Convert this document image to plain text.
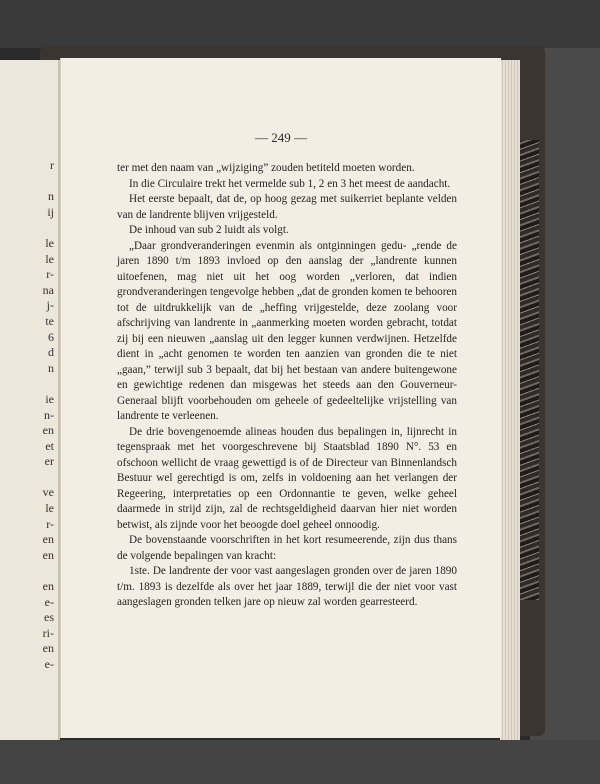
r
n
ij
le
le
r-
na
j-
te
6
d
n
ie
n-
en
et
er
ve
le
r-
en
en
en
e-
es
ri-
en
e-
— 249 —

ter met den naam van „wijziging” zouden betiteld moeten worden.

In die Circulaire trekt het vermelde sub 1, 2 en 3 het meest de aandacht.

Het eerste bepaalt, dat de, op hoog gezag met suikerriet beplante velden van de landrente blijven vrijgesteld.

De inhoud van sub 2 luidt als volgt.

„Daar grondveranderingen evenmin als ontginningen gedu- „rende de jaren 1890 t/m 1893 invloed op den aanslag der „landrente kunnen uitoefenen, mag niet uit het oog worden „verloren, dat indien grondveranderingen tengevolge hebben „dat de gronden komen te behooren tot de uitdrukkelijk van de „heffing vrijgestelde, deze zoolang voor afschrijving van landrente in „aanmerking moeten worden gebracht, totdat zij bij een nieuwen „aanslag uit den legger kunnen verdwijnen. Hetzelfde dient in „acht genomen te worden ten aanzien van gronden die te niet „gaan,” terwijl sub 3 bepaalt, dat bij het bestaan van andere buitengewone en gewichtige redenen dan misgewas het steeds aan den Gouverneur-Generaal blijft voorbehouden om geheele of gedeeltelijke vrijstelling van landrente te verleenen.

De drie bovengenoemde alineas houden dus bepalingen in, lijnrecht in tegenspraak met het voorgeschrevene bij Staatsblad 1890 N°. 53 en ofschoon wellicht de vraag gewettigd is of de Directeur van Binnenlandsch Bestuur wel gerechtigd is om, zelfs in voldoening aan het verlangen der Regeering, interpretaties op een Ordonnantie te geven, welke geheel daarmede in strijd zijn, zal de rechtsgeldigheid daarvan hier niet worden betwist, als zijnde voor het beoogde doel geheel onnoodig.

De bovenstaande voorschriften in het kort resumeerende, zijn dus thans de volgende bepalingen van kracht:

1ste. De landrente der voor vast aangeslagen gronden over de jaren 1890 t/m. 1893 is dezelfde als over het jaar 1889, terwijl die der niet voor vast aangeslagen gronden telken jare op nieuw zal worden gearresteerd.
